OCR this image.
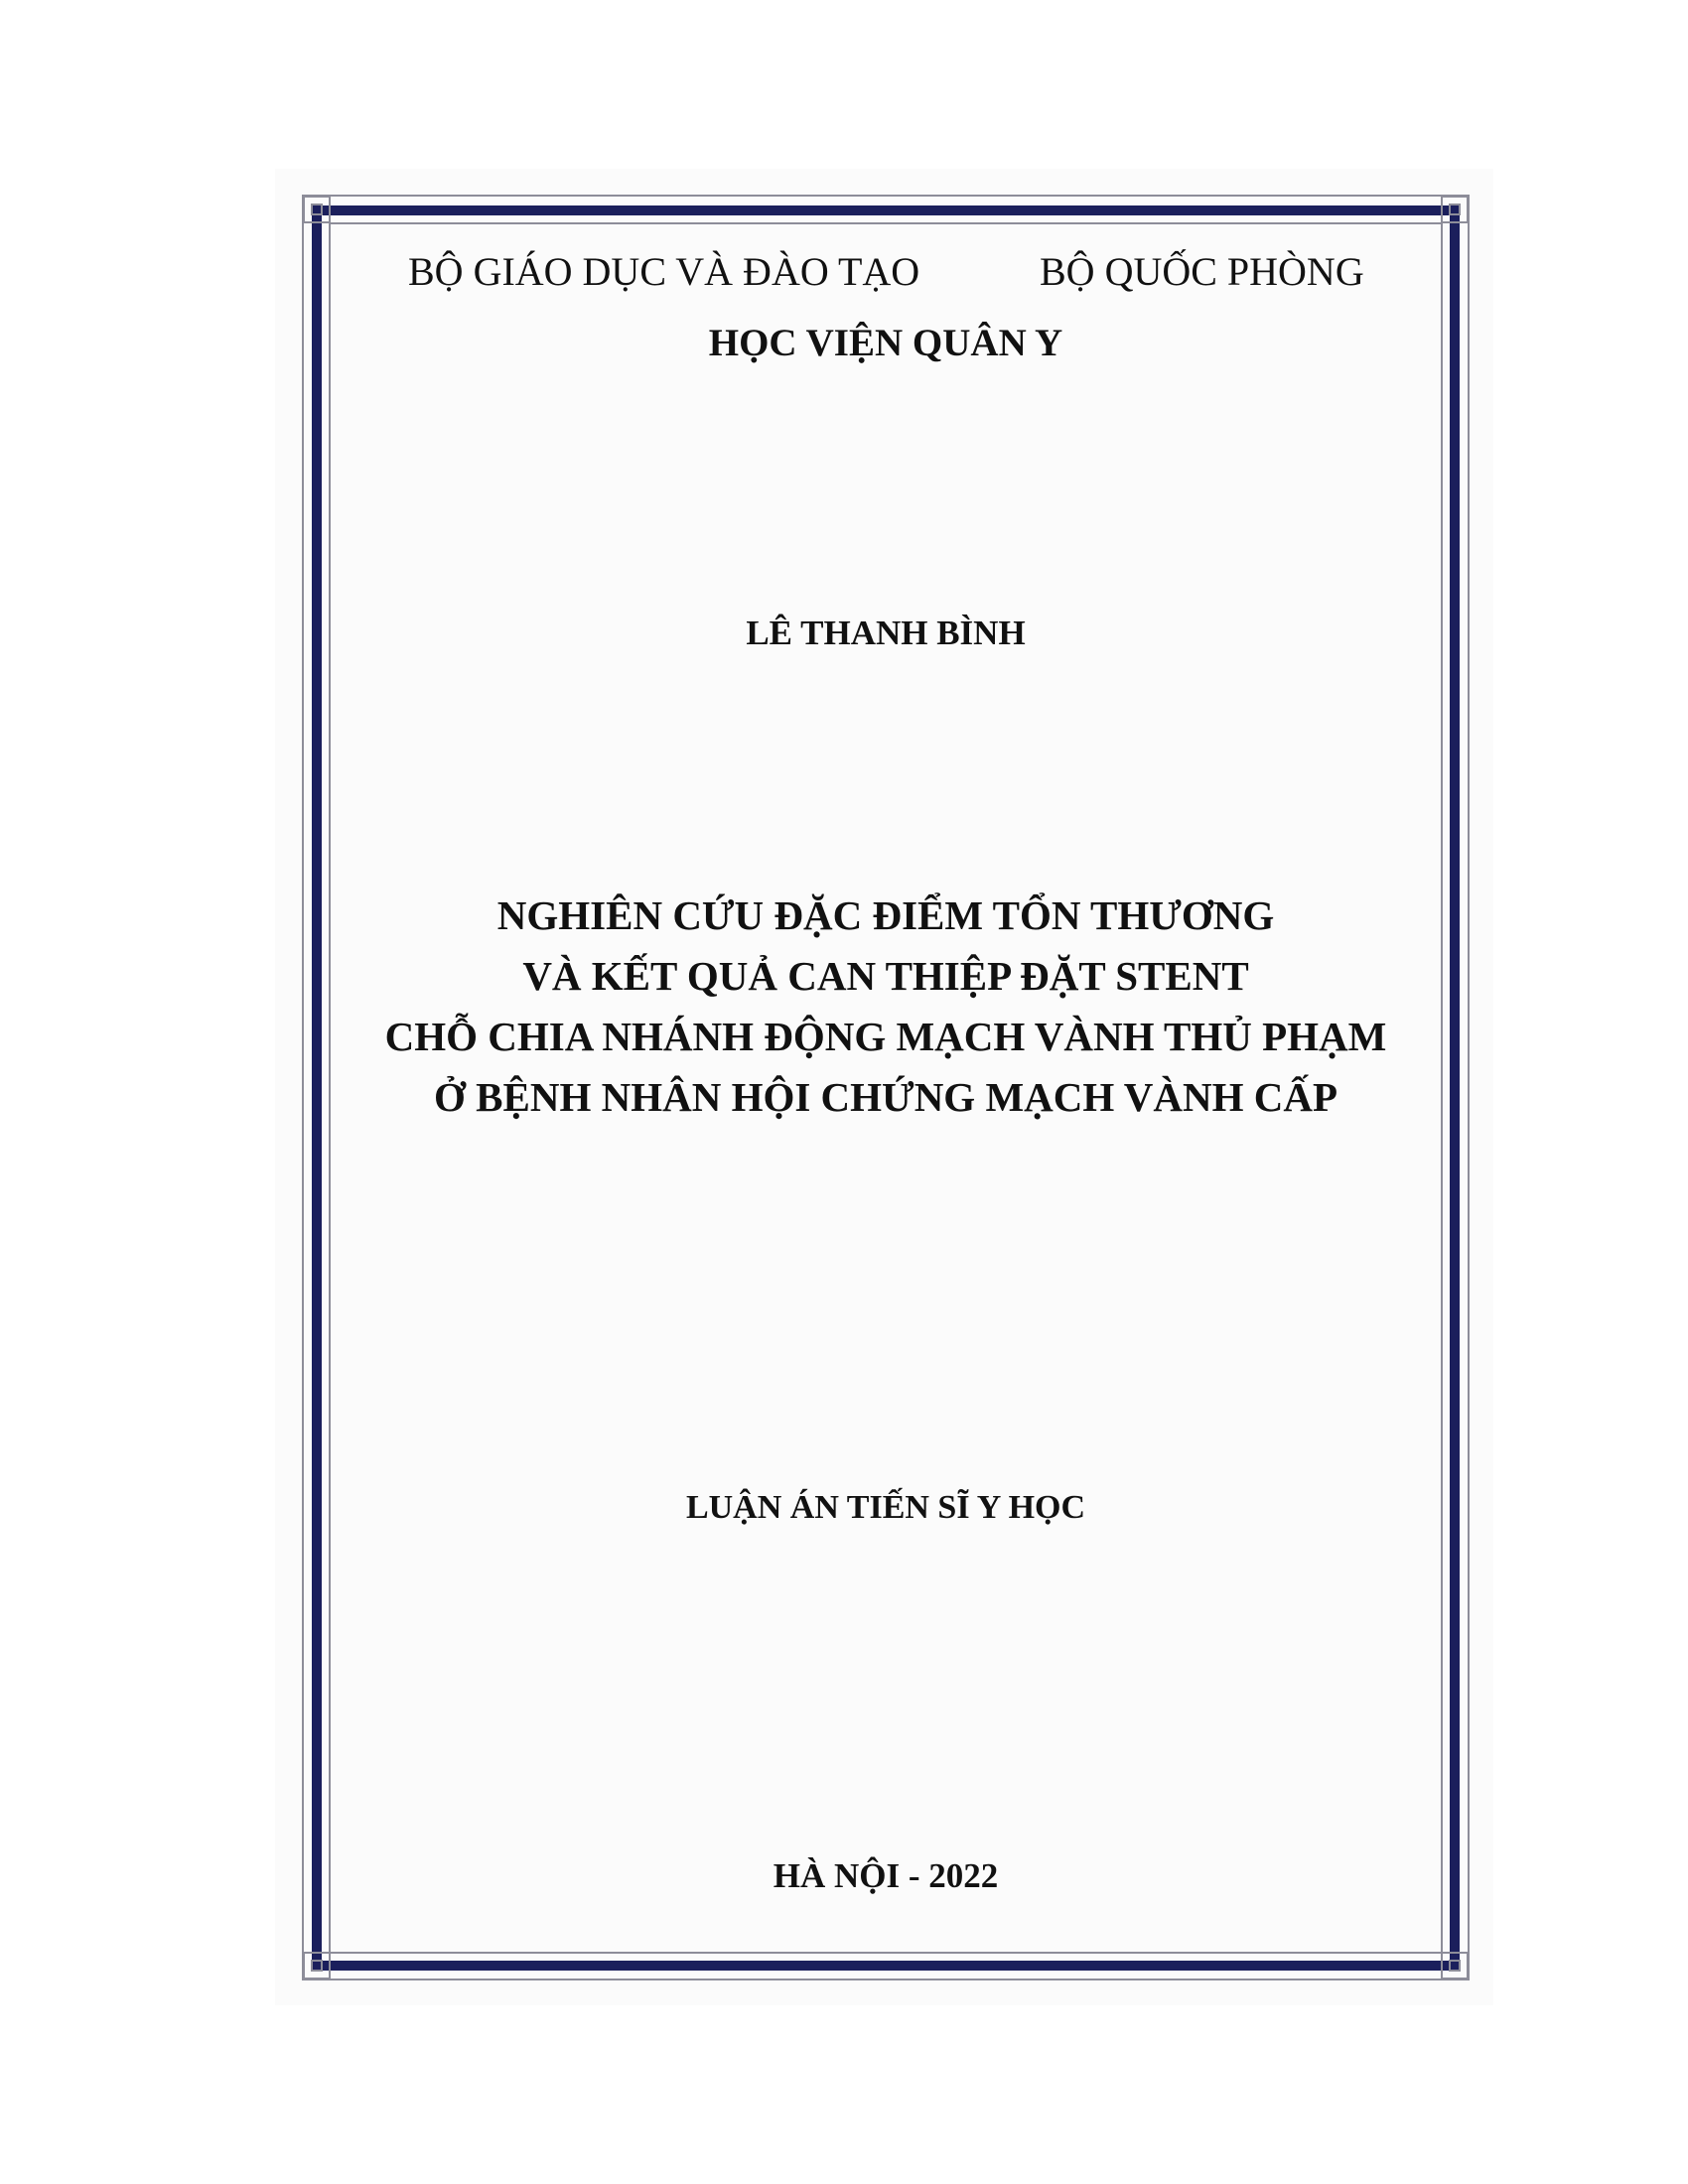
BỘ GIÁO DỤC VÀ ĐÀO TẠO	BỘ QUỐC PHÒNG
HỌC VIỆN QUÂN Y
LÊ THANH BÌNH
NGHIÊN CỨU ĐẶC ĐIỂM TỔN THƯƠNG
VÀ KẾT QUẢ CAN THIỆP ĐẶT STENT
CHỖ CHIA NHÁNH ĐỘNG MẠCH VÀNH THỦ PHẠM
Ở BỆNH NHÂN HỘI CHỨNG MẠCH VÀNH CẤP
LUẬN ÁN TIẾN SĨ Y HỌC
HÀ NỘI - 2022
